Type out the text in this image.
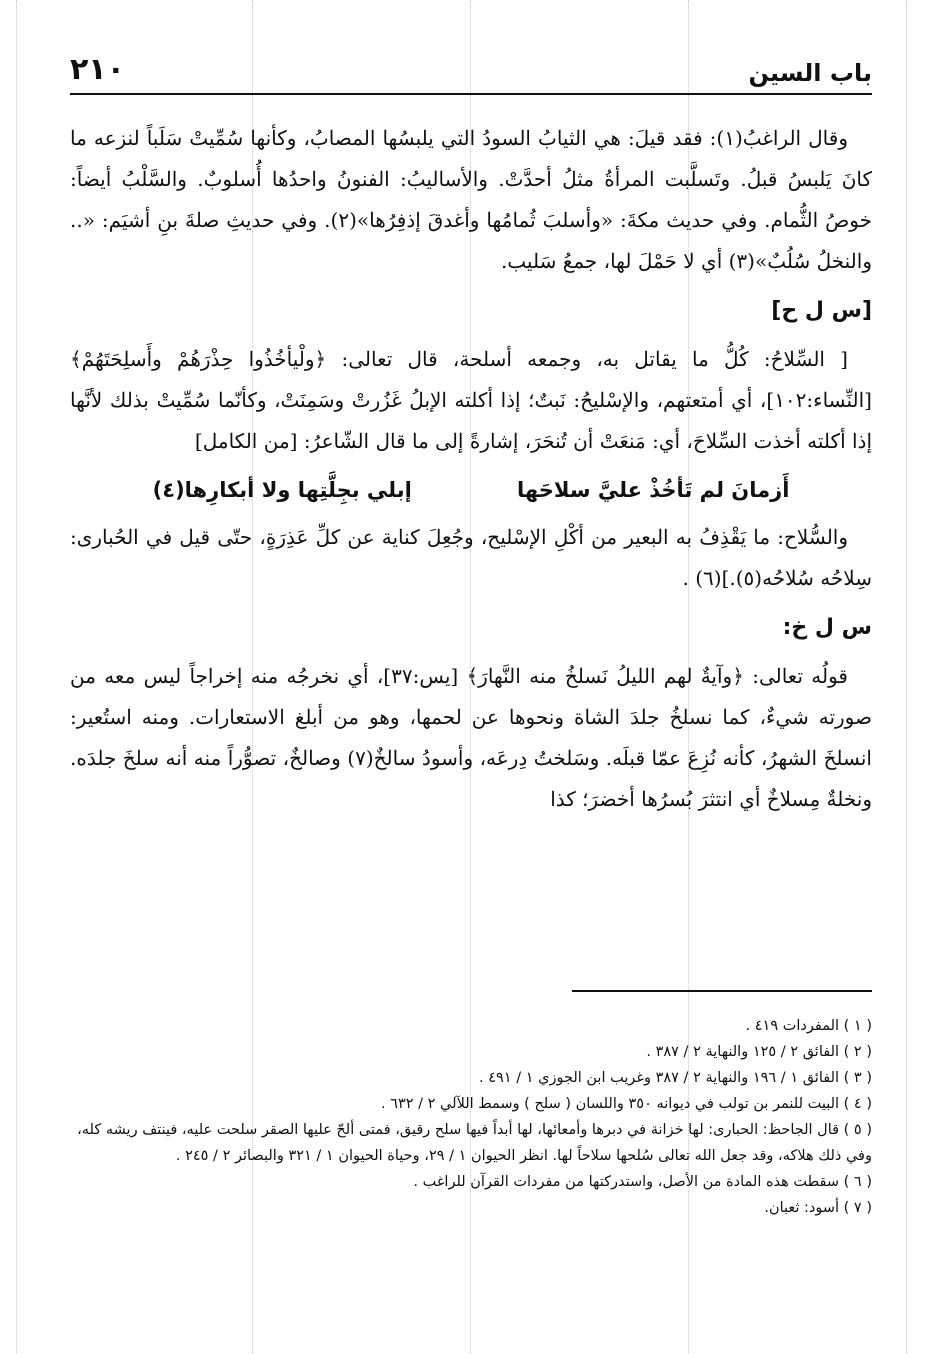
٢١٠	باب السين

وقال الراغبُ(١): فقد قيلَ: هي الثيابُ السودُ التي يلبسُها المصابُ، وكأنها سُمِّيتْ سَلَباً لنزعه ما كانَ يَلبسُ قبلُ. وتَسلَّبت المرأةُ مثلُ أحدَّتْ. والأساليبُ: الفنونُ واحدُها أُسلوبٌ. والسَّلْبُ أيضاً: خوصُ الثُّمام. وفي حديث مكةَ: «وأسلبَ ثُمامُها وأغدقَ إذفِرُها»(٢). وفي حديثِ صلةَ بنِ أشيَم: «.. والنخلُ سُلُبٌ»(٣) أي لا حَمْلَ لها، جمعُ سَليب.

[س ل ح]

[ السِّلاحُ: كُلُّ ما يقاتل به، وجمعه أسلحة، قال تعالى: ﴿ولْيأخُذُوا حِذْرَهُمْ وأَسلِحَتَهُمْ﴾ [النِّساء:١٠٢]، أي أمتعتهم، والإسْليحُ: نَبتٌ؛ إذا أكلته الإبلُ غَزُرتْ وسَمِنَتْ، وكأنّما سُمِّيتْ بذلك لأنَّها إذا أكلته أخذت السِّلاحَ، أي: مَنعَتْ أن تُنحَرَ، إشارةً إلى ما قال الشّاعرُ: [من الكامل]

أَزمانَ لم تَأخُذْ عليَّ سلاحَها
إبلي بجِلَّتِها ولا أبكارِها(٤)

والسُّلاح: ما يَقْذِفُ به البعير من أكْلِ الإسْليح، وجُعِلَ كناية عن كلِّ عَذِرَةٍ، حتّى قيل في الحُبارى: سِلاحُه سُلاحُه(٥).](٦) .

س ل خ:

قولُه تعالى: ﴿وآيةٌ لهم الليلُ نَسلخُ منه النَّهارَ﴾ [يس:٣٧]، أي نخرجُه منه إخراجاً ليس معه من صورته شيءٌ، كما نسلخُ جلدَ الشاة ونحوها عن لحمها، وهو من أبلغ الاستعارات. ومنه استُعير: انسلخَ الشهرُ، كأنه نُزِعَ عمّا قبلَه. وسَلختُ دِرعَه، وأسودُ سالخٌ(٧) وصالخٌ، تصوُّراً منه أنه سلخَ جلدَه. ونخلةٌ مِسلاخٌ أي انتثرَ بُسرُها أخضرَ؛ كذا

( ١ ) المفردات ٤١٩ .

( ٢ ) الفائق ٢ / ١٢٥ والنهاية ٢ / ٣٨٧ .

( ٣ ) الفائق ١ / ١٩٦ والنهاية ٢ / ٣٨٧ وغريب ابن الجوزي ١ / ٤٩١ .

( ٤ ) البيت للنمر بن تولب في ديوانه ٣٥٠ واللسان ( سلح ) وسمط اللآلي ٢ / ٦٣٢ .

( ٥ ) قال الجاحظ: الحبارى: لها خزانة في دبرها وأمعائها، لها أبداً فيها سلح رقيق، فمتى ألحّ عليها الصقر سلحت عليه، فينتف ريشه كله، وفي ذلك هلاكه، وقد جعل الله تعالى سُلحها سلاحاً لها. انظر الحيوان ١ / ٢٩، وحياة الحيوان ١ / ٣٢١ والبصائر ٢ / ٢٤٥ .

( ٦ ) سقطت هذه المادة من الأصل، واستدركتها من مفردات القرآن للراغب .

( ٧ ) أسود: ثعبان.
